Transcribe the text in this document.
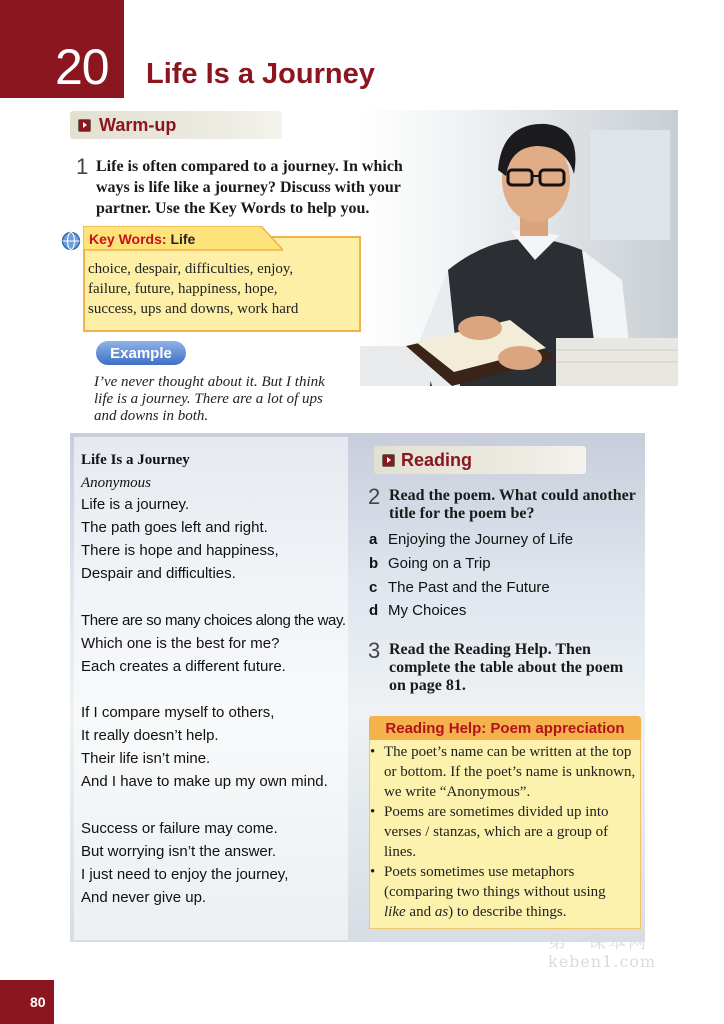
20 Life Is a Journey
Warm-up
1 Life is often compared to a journey. In which
ways is life like a journey? Discuss with your
partner. Use the Key Words to help you.
Key Words: Life
choice, despair, difficulties, enjoy,
failure, future, happiness, hope,
success, ups and downs, work hard
Example
I’ve never thought about it. But I think
life is a journey. There are a lot of ups
and downs in both.
Life Is a Journey
Anonymous
Life is a journey.
The path goes left and right.
There is hope and happiness,
Despair and difficulties.
There are so many choices along the way.
Which one is the best for me?
Each creates a different future.
If I compare myself to others,
It really doesn’t help.
Their life isn’t mine.
And I have to make up my own mind.
Success or failure may come.
But worrying isn’t the answer.
I just need to enjoy the journey,
And never give up.
Reading
2 Read the poem. What could another
title for the poem be?
a Enjoying the Journey of Life
b Going on a Trip
c The Past and the Future
d My Choices
3 Read the Reading Help. Then
complete the table about the poem
on page 81.
Reading Help: Poem appreciation
• The poet’s name can be written at the top
or bottom. If the poet’s name is unknown,
we write “Anonymous”.
• Poems are sometimes divided up into
verses / stanzas, which are a group of
lines.
• Poets sometimes use metaphors
(comparing two things without using
like and as) to describe things.
第一课本网
keben1.com
80
